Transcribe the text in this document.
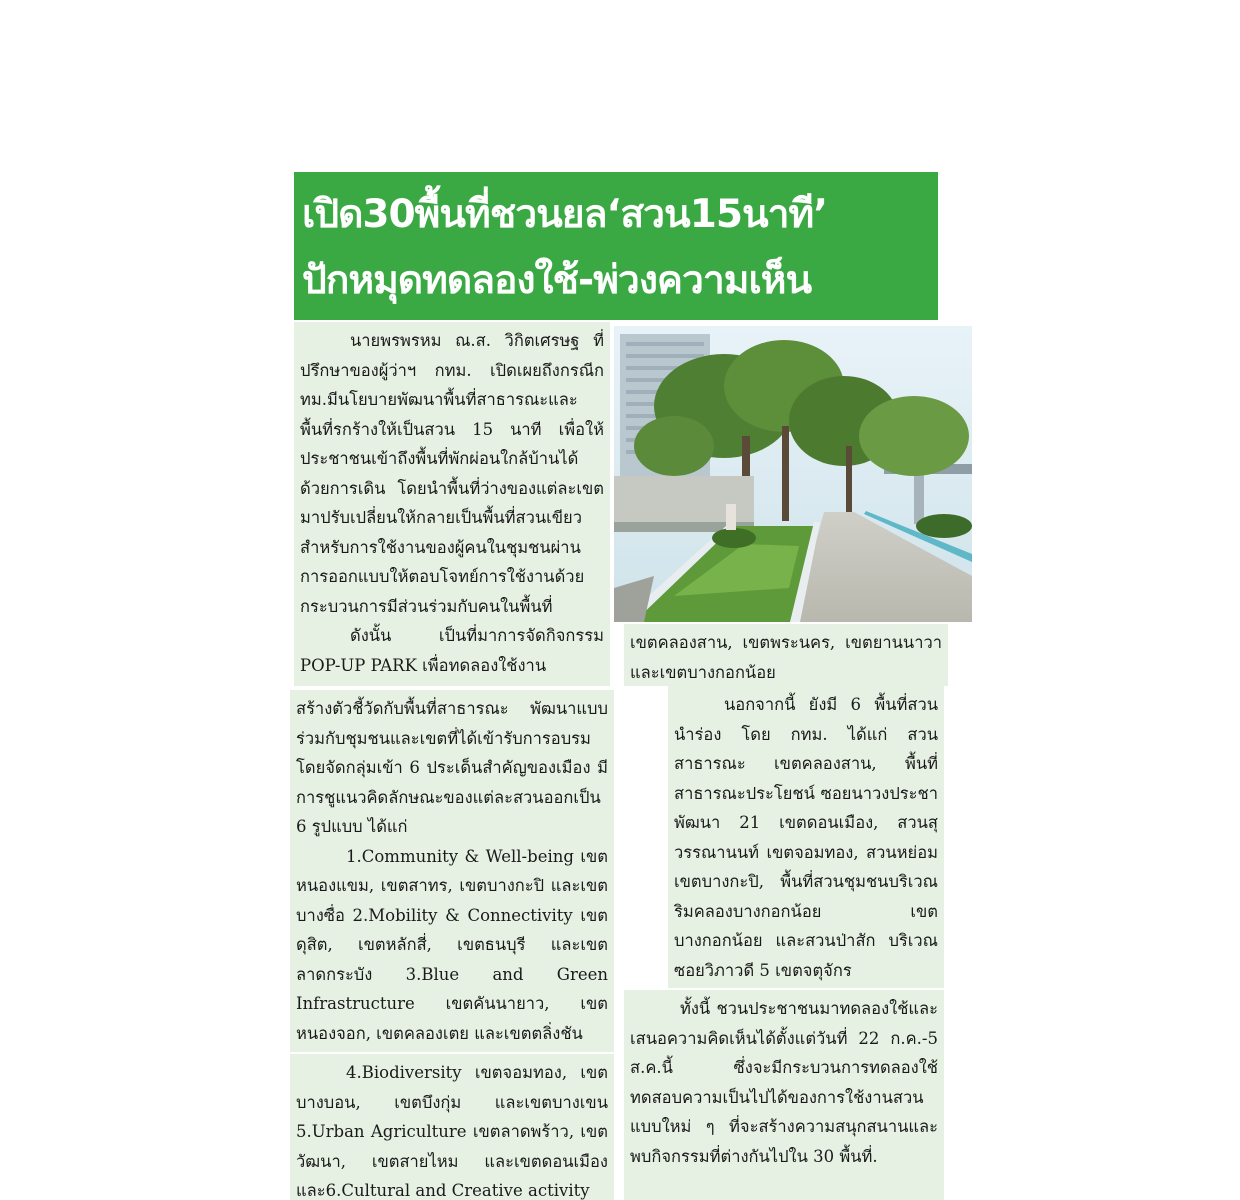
เปิด30พื้นที่ชวนยล‘สวน15นาที’
ปักหมุดทดลองใช้-พ่วงความเห็น

นายพรพรหม ณ.ส. วิกิตเศรษฐ ที่ปรึกษาของผู้ว่าฯ กทม. เปิดเผยถึงกรณีกทม.มีนโยบายพัฒนาพื้นที่สาธารณะและพื้นที่รกร้างให้เป็นสวน 15 นาที เพื่อให้ประชาชนเข้าถึงพื้นที่พักผ่อนใกล้บ้านได้ด้วยการเดิน โดยนำพื้นที่ว่างของแต่ละเขตมาปรับเปลี่ยนให้กลายเป็นพื้นที่สวนเขียว สำหรับการใช้งานของผู้คนในชุมชนผ่านการออกแบบให้ตอบโจทย์การใช้งานด้วยกระบวนการมีส่วนร่วมกับคนในพื้นที่

ดังนั้น เป็นที่มาการจัดกิจกรรม POP-UP PARK เพื่อทดลองใช้งาน

สร้างตัวชี้วัดกับพื้นที่สาธารณะ พัฒนาแบบร่วมกับชุมชนและเขตที่ได้เข้ารับการอบรมโดยจัดกลุ่มเข้า 6 ประเด็นสำคัญของเมือง มีการชูแนวคิดลักษณะของแต่ละสวนออกเป็น 6 รูปแบบ ได้แก่

1.Community & Well-being เขตหนองแขม, เขตสาทร, เขตบางกะปิ และเขตบางซื่อ 2.Mobility & Connectivity เขตดุสิต, เขตหลักสี่, เขตธนบุรี และเขตลาดกระบัง 3.Blue and Green Infrastructure เขตคันนายาว, เขตหนองจอก, เขตคลองเตย และเขตตลิ่งชัน

4.Biodiversity เขตจอมทอง, เขตบางบอน, เขตบึงกุ่ม และเขตบางเขน 5.Urban Agriculture เขตลาดพร้าว, เขตวัฒนา, เขตสายไหม และเขตดอนเมือง และ6.Cultural and Creative activity

เขตคลองสาน, เขตพระนคร, เขตยานนาวา และเขตบางกอกน้อย

นอกจากนี้ ยังมี 6 พื้นที่สวนนำร่อง โดย กทม. ได้แก่ สวนสาธารณะ เขตคลองสาน, พื้นที่สาธารณะประโยชน์ ซอยนาวงประชาพัฒนา 21 เขตดอนเมือง, สวนสุวรรณานนท์ เขตจอมทอง, สวนหย่อม เขตบางกะปิ, พื้นที่สวนชุมชนบริเวณริมคลองบางกอกน้อย เขตบางกอกน้อย และสวนป่าสัก บริเวณซอยวิภาวดี 5 เขตจตุจักร

ทั้งนี้ ชวนประชาชนมาทดลองใช้และเสนอความคิดเห็นได้ตั้งแต่วันที่ 22 ก.ค.-5 ส.ค.นี้ ซึ่งจะมีกระบวนการทดลองใช้ ทดสอบความเป็นไปได้ของการใช้งานสวนแบบใหม่ ๆ ที่จะสร้างความสนุกสนานและพบกิจกรรมที่ต่างกันไปใน 30 พื้นที่.
